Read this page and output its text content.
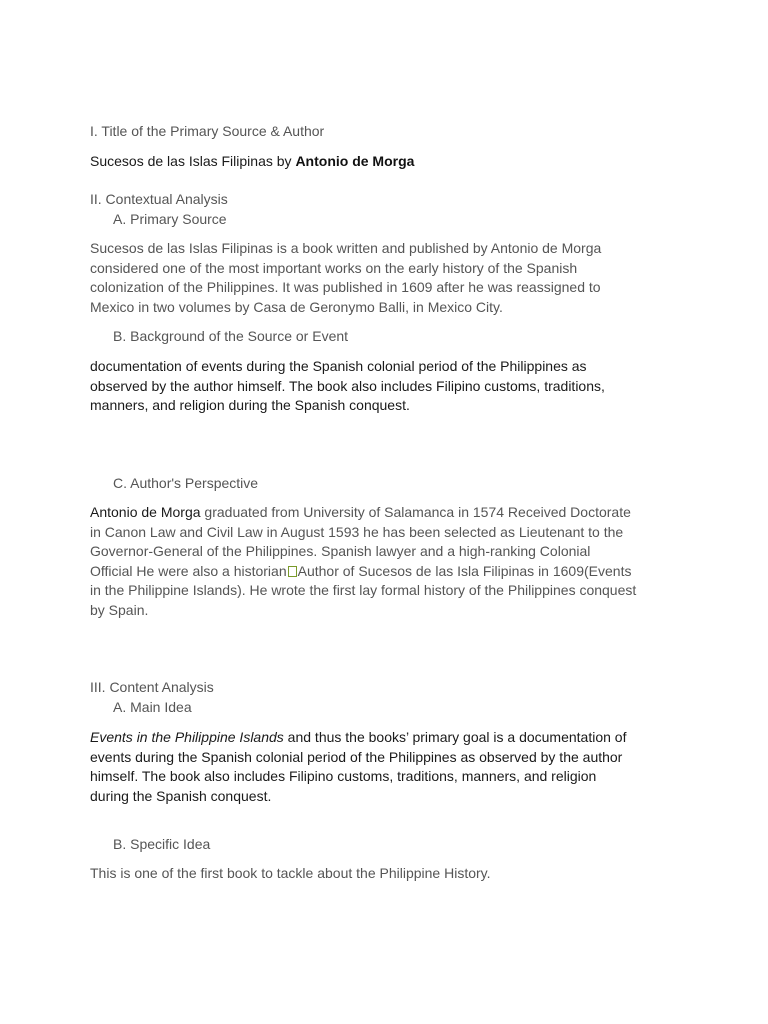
I. Title of the Primary Source & Author
Sucesos de las Islas Filipinas by Antonio de Morga
II. Contextual Analysis
A. Primary Source
Sucesos de las Islas Filipinas is a book written and published by Antonio de Morga
considered one of the most important works on the early history of the Spanish
colonization of the Philippines. It was published in 1609 after he was reassigned to
Mexico in two volumes by Casa de Geronymo Balli, in Mexico City.
B. Background of the Source or Event
documentation of events during the Spanish colonial period of the Philippines as
observed by the author himself. The book also includes Filipino customs, traditions,
manners, and religion during the Spanish conquest.
C. Author's Perspective
Antonio de Morga graduated from University of Salamanca in 1574 Received Doctorate
in Canon Law and Civil Law in August 1593 he has been selected as Lieutenant to the
Governor-General of the Philippines. Spanish lawyer and a high-ranking Colonial
Official He were also a historian Author of Sucesos de las Isla Filipinas in 1609(Events
in the Philippine Islands). He wrote the first lay formal history of the Philippines conquest
by Spain.
III. Content Analysis
A. Main Idea
Events in the Philippine Islands and thus the books’ primary goal is a documentation of
events during the Spanish colonial period of the Philippines as observed by the author
himself. The book also includes Filipino customs, traditions, manners, and religion
during the Spanish conquest.
B. Specific Idea
This is one of the first book to tackle about the Philippine History.
